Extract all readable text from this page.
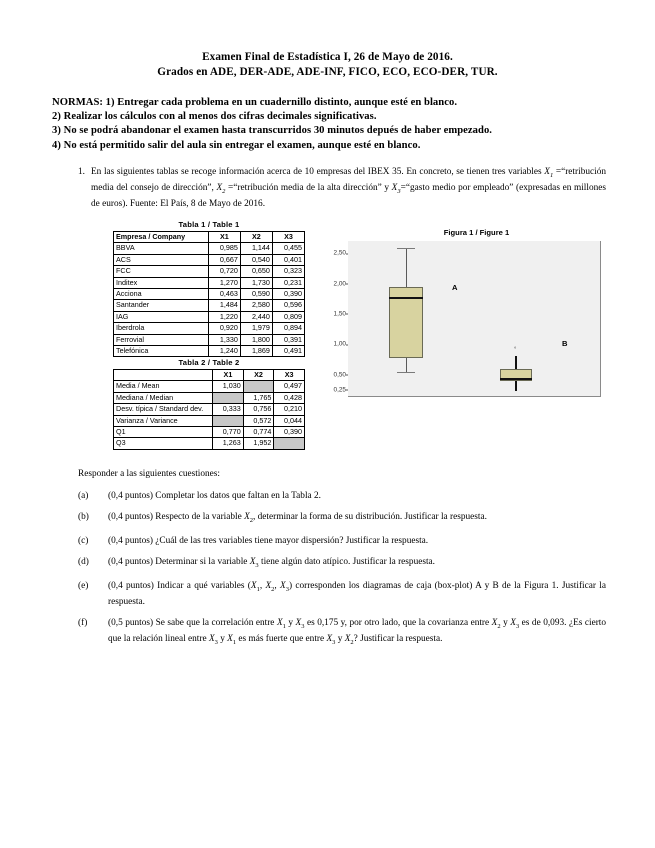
Examen Final de Estadística I, 26 de Mayo de 2016.
Grados en ADE, DER-ADE, ADE-INF, FICO, ECO, ECO-DER, TUR.
NORMAS: 1) Entregar cada problema en un cuadernillo distinto, aunque esté en blanco.
2) Realizar los cálculos con al menos dos cifras decimales significativas.
3) No se podrá abandonar el examen hasta transcurridos 30 minutos depués de haber empezado.
4) No está permitido salir del aula sin entregar el examen, aunque esté en blanco.
1. En las siguientes tablas se recoge información acerca de 10 empresas del IBEX 35. En concreto, se tienen tres variables $X_1$ =“retribución media del consejo de dirección”, $X_2$ =“retribución media de la alta dirección” y $X_3=“gasto$ medio por empleado” (expresadas en millones de euros). Fuente: El País, 8 de Mayo de 2016.
Tabla 1 / Table 1
Empresa / Company	X1	X2	X3
BBVA	0,985	1,144	0,455
ACS	0,667	0,540	0,401
FCC	0,720	0,650	0,323
Inditex	1,270	1,730	0,231
Acciona	0,463	0,590	0,390
Santander	1,484	2,580	0,596
IAG	1,220	2,440	0,809
Iberdrola	0,920	1,979	0,894
Ferrovial	1,330	1,800	0,391
Telefónica	1,240	1,869	0,491
Tabla 2 / Table 2
	X1	X2	X3
Media / Mean	1,030		0,497
Mediana / Median		1,765	0,428
Desv. típica / Standard dev.	0,333	0,756	0,210
Varianza / Variance		0,572	0,044
Q1	0,770	0,774	0,390
Q3	1,263	1,952	
Figura 1 / Figure 1
2,50
2,00
1,50
1,00
0,50
0,25
A
°
B
Responder a las siguientes cuestiones:
(a)	(0,4 puntos) Completar los datos que faltan en la Tabla 2.
(b)	(0,4 puntos) Respecto de la variable $X_2$, determinar la forma de su distribución. Justificar la respuesta.
(c)	(0,4 puntos) ¿Cuál de las tres variables tiene mayor dispersión? Justificar la respuesta.
(d)	(0,4 puntos) Determinar si la variable $X_3$ tiene algún dato atípico. Justificar la respuesta.
(e)	(0,4 puntos) Indicar a qué variables ($X_1$, $X_2$, $X_3$) corresponden los diagramas de caja (box-plot) A y B de la Figura 1. Justificar la respuesta.
(f)	(0,5 puntos) Se sabe que la correlación entre $X_1$ y $X_3$ es 0,175 y, por otro lado, que la covarianza entre $X_2$ y $X_3$ es de 0,093. ¿Es cierto que la relación lineal entre $X_3$ y $X_1$ es más fuerte que entre $X_3$ y $X_2$? Justificar la respuesta.
